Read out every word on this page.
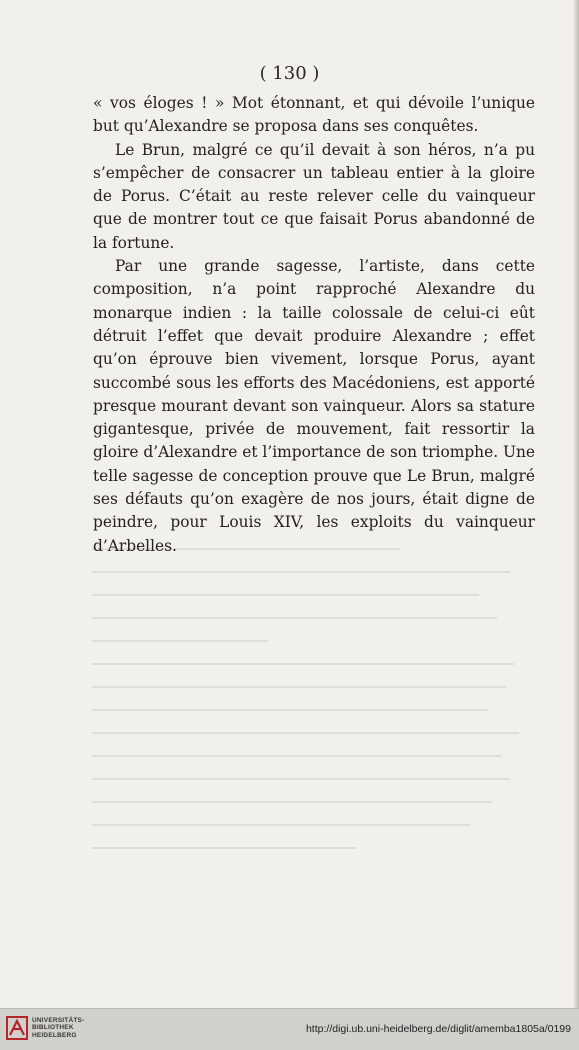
( 130 )

« vos éloges ! » Mot étonnant, et qui dévoile l’unique but qu’Alexandre se proposa dans ses conquêtes.

Le Brun, malgré ce qu’il devait à son héros, n’a pu s’empêcher de consacrer un tableau entier à la gloire de Porus. C’était au reste relever celle du vainqueur que de montrer tout ce que faisait Porus abandonné de la fortune.

Par une grande sagesse, l’artiste, dans cette composition, n’a point rapproché Alexandre du monarque indien : la taille colossale de celui-ci eût détruit l’effet que devait produire Alexandre ; effet qu’on éprouve bien vivement, lorsque Porus, ayant succombé sous les efforts des Macédoniens, est apporté presque mourant devant son vainqueur. Alors sa stature gigantesque, privée de mouvement, fait ressortir la gloire d’Alexandre et l’importance de son triomphe. Une telle sagesse de conception prouve que Le Brun, malgré ses défauts qu’on exagère de nos jours, était digne de peindre, pour Louis XIV, les exploits du vainqueur d’Arbelles.

UNIVERSITÄTS-
BIBLIOTHEK
HEIDELBERG
http://digi.ub.uni-heidelberg.de/diglit/amemba1805a/0199
